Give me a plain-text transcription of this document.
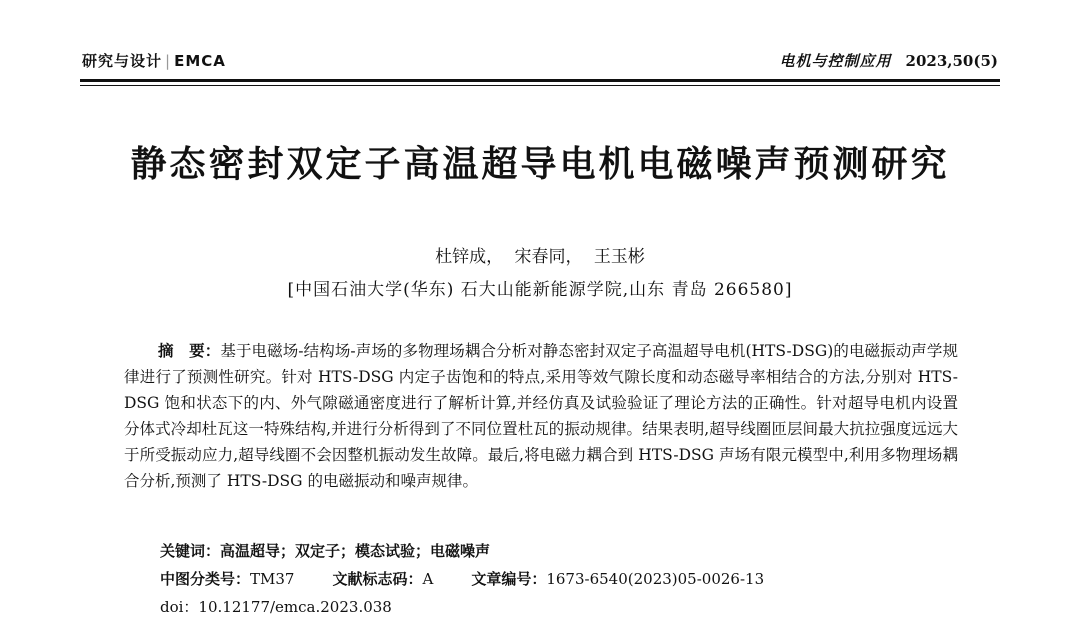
研究与设计 | EMCA	电机与控制应用 2023,50(5)
静态密封双定子高温超导电机电磁噪声预测研究
杜锌成， 宋春同， 王玉彬
[中国石油大学(华东) 石大山能新能源学院,山东 青岛 266580]
摘　要：基于电磁场-结构场-声场的多物理场耦合分析对静态密封双定子高温超导电机(HTS-DSG)的电磁振动声学规律进行了预测性研究。针对 HTS-DSG 内定子齿饱和的特点,采用等效气隙长度和动态磁导率相结合的方法,分别对 HTS-DSG 饱和状态下的内、外气隙磁通密度进行了解析计算,并经仿真及试验验证了理论方法的正确性。针对超导电机内设置分体式冷却杜瓦这一特殊结构,并进行分析得到了不同位置杜瓦的振动规律。结果表明,超导线圈匝层间最大抗拉强度远远大于所受振动应力,超导线圈不会因整机振动发生故障。最后,将电磁力耦合到 HTS-DSG 声场有限元模型中,利用多物理场耦合分析,预测了 HTS-DSG 的电磁振动和噪声规律。
关键词：高温超导；双定子；模态试验；电磁噪声
中图分类号：TM37	文献标志码：A	文章编号：1673-6540(2023)05-0026-13
doi：10.12177/emca.2023.038
